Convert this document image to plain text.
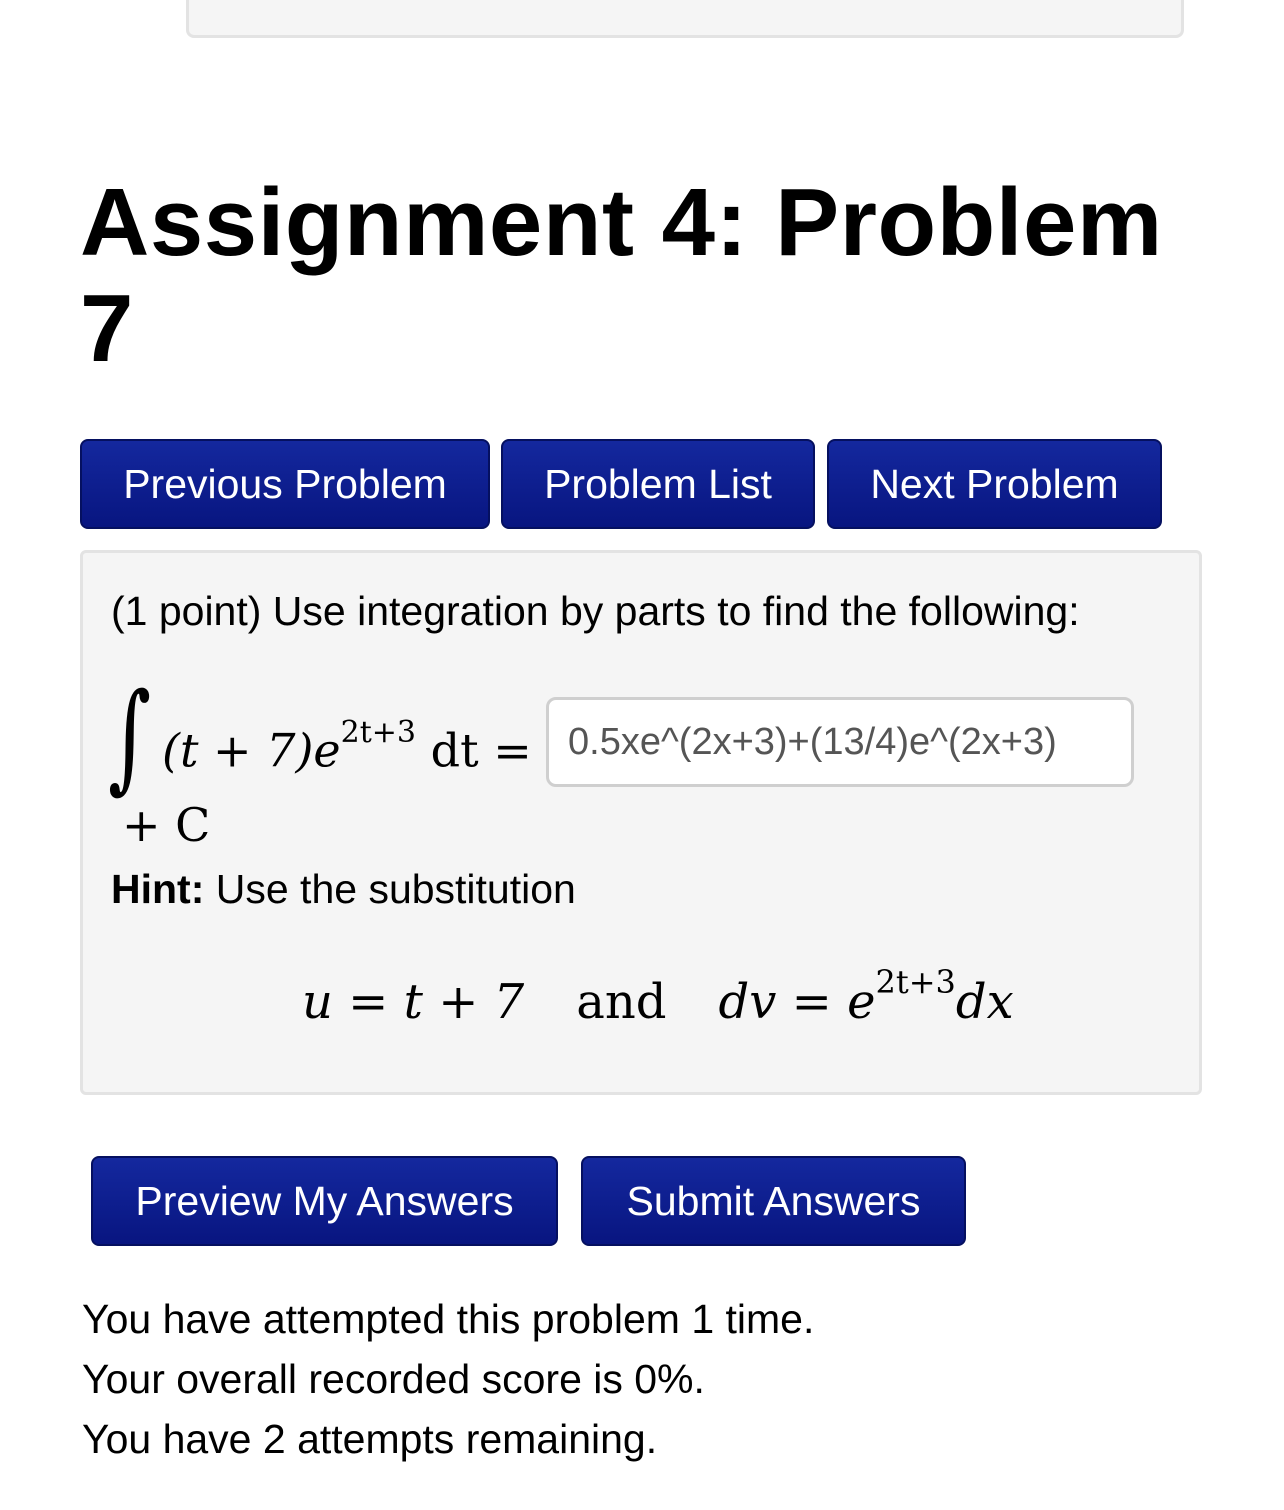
Assignment 4: Problem 7
Previous Problem	Problem List	Next Problem
(1 point) Use integration by parts to find the following:
∫ $(t + 7)e^{2t+3}$ dt =
0.5xe^(2x+3)+(13/4)e^(2x+3)
+ C
Hint: Use the substitution
u = t + 7 and dv = $e^{2t+3}dx$
Preview My Answers	Submit Answers
You have attempted this problem 1 time.
Your overall recorded score is 0%.
You have 2 attempts remaining.
